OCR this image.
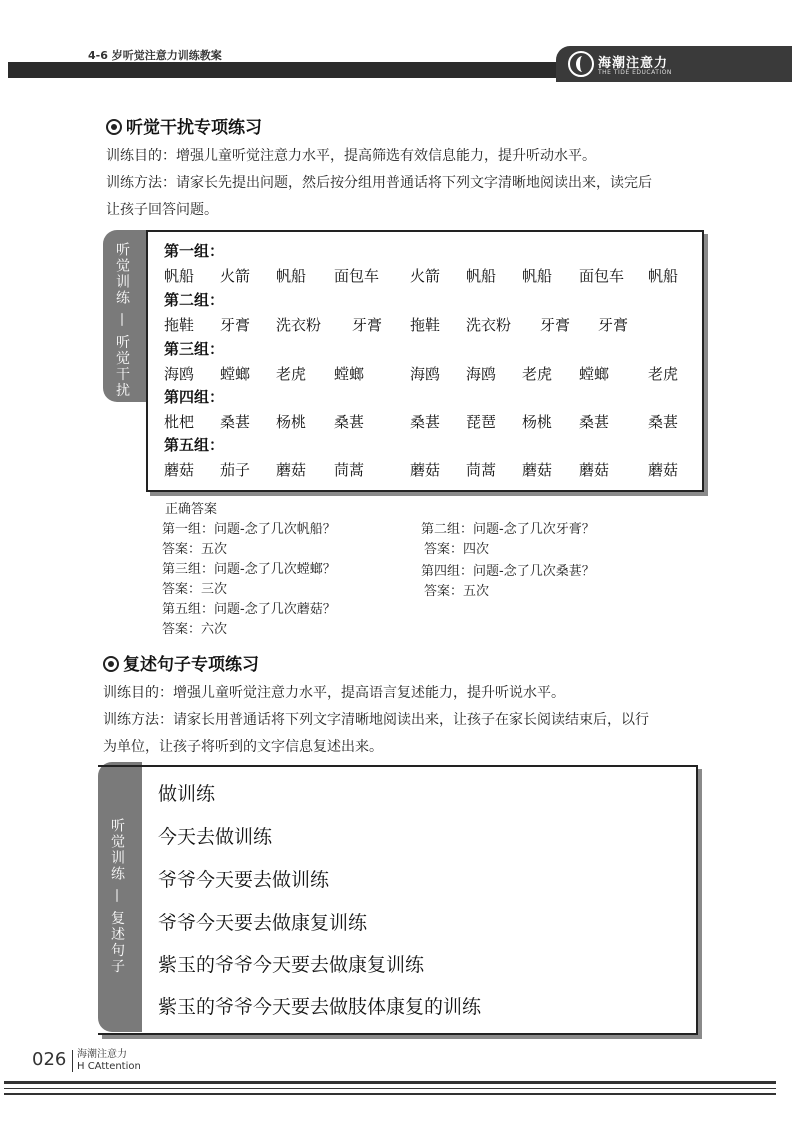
4-6 岁听觉注意力训练教案
海潮注意力
THE TIDE EDUCATION
听觉干扰专项练习
训练目的：增强儿童听觉注意力水平，提高筛选有效信息能力，提升听动水平。
训练方法：请家长先提出问题，然后按分组用普通话将下列文字清晰地阅读出来，读完后
让孩子回答问题。
听觉训练 — 听觉干扰 第一组：
帆船 火箭 帆船 面包车 火箭 帆船 帆船 面包车 帆船
第二组：
拖鞋 牙膏 洗衣粉 牙膏 拖鞋 洗衣粉 牙膏 牙膏
第三组：
海鸥 螳螂 老虎 螳螂	海鸥 海鸥 老虎 螳螂	老虎
第四组：
枇杷 桑葚 杨桃 桑葚	桑葚 琵琶 杨桃 桑葚	桑葚
第五组：
蘑菇 茄子 蘑菇 茼蒿	蘑菇 茼蒿 蘑菇 蘑菇	蘑菇
正确答案
第一组：问题-念了几次帆船？
答案：五次
第三组：问题-念了几次螳螂？
答案：三次
第五组：问题-念了几次蘑菇？
答案：六次
第二组：问题-念了几次牙膏？
答案：四次
第四组：问题-念了几次桑葚？
答案：五次
复述句子专项练习
训练目的：增强儿童听觉注意力水平，提高语言复述能力，提升听说水平。
训练方法：请家长用普通话将下列文字清晰地阅读出来，让孩子在家长阅读结束后，以行
为单位，让孩子将听到的文字信息复述出来。
听觉训练 — 复述句子
做训练
今天去做训练
爷爷今天要去做训练
爷爷今天要去做康复训练
紫玉的爷爷今天要去做康复训练
紫玉的爷爷今天要去做肢体康复的训练
026 海潮注意力
H CAttention
